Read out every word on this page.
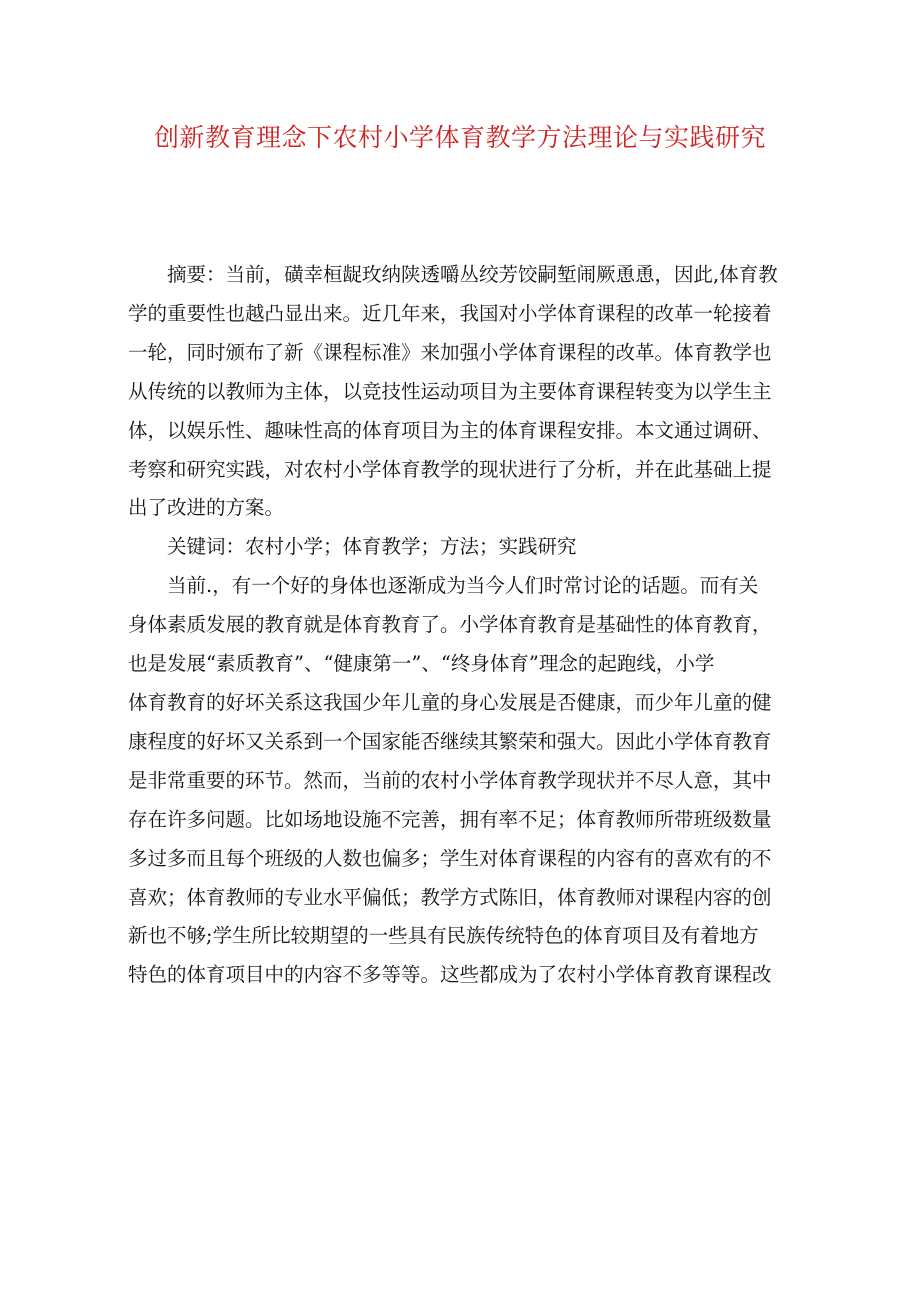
创新教育理念下农村小学体育教学方法理论与实践研究

摘要：当前，磺幸桓龊玫纳陕透嚼丛绞芳饺嗣堑闹厥恿恿，因此,体育教
学的重要性也越凸显出来。近几年来，我国对小学体育课程的改革一轮接着
一轮，同时颁布了新《课程标准》来加强小学体育课程的改革。体育教学也
从传统的以教师为主体，以竞技性运动项目为主要体育课程转变为以学生主
体，以娱乐性、趣味性高的体育项目为主的体育课程安排。本文通过调研、
考察和研究实践，对农村小学体育教学的现状进行了分析，并在此基础上提
出了改进的方案。

关键词：农村小学；体育教学；方法；实践研究

当前.，有一个好的身体也逐渐成为当今人们时常讨论的话题。而有关
身体素质发展的教育就是体育教育了。小学体育教育是基础性的体育教育，
也是发展“素质教育”、“健康第一”、“终身体育”理念的起跑线，小学
体育教育的好坏关系这我国少年儿童的身心发展是否健康，而少年儿童的健
康程度的好坏又关系到一个国家能否继续其繁荣和强大。因此小学体育教育
是非常重要的环节。然而，当前的农村小学体育教学现状并不尽人意，其中
存在许多问题。比如场地设施不完善，拥有率不足；体育教师所带班级数量
多过多而且每个班级的人数也偏多；学生对体育课程的内容有的喜欢有的不
喜欢；体育教师的专业水平偏低；教学方式陈旧，体育教师对课程内容的创
新也不够;学生所比较期望的一些具有民族传统特色的体育项目及有着地方
特色的体育项目中的内容不多等等。这些都成为了农村小学体育教育课程改
